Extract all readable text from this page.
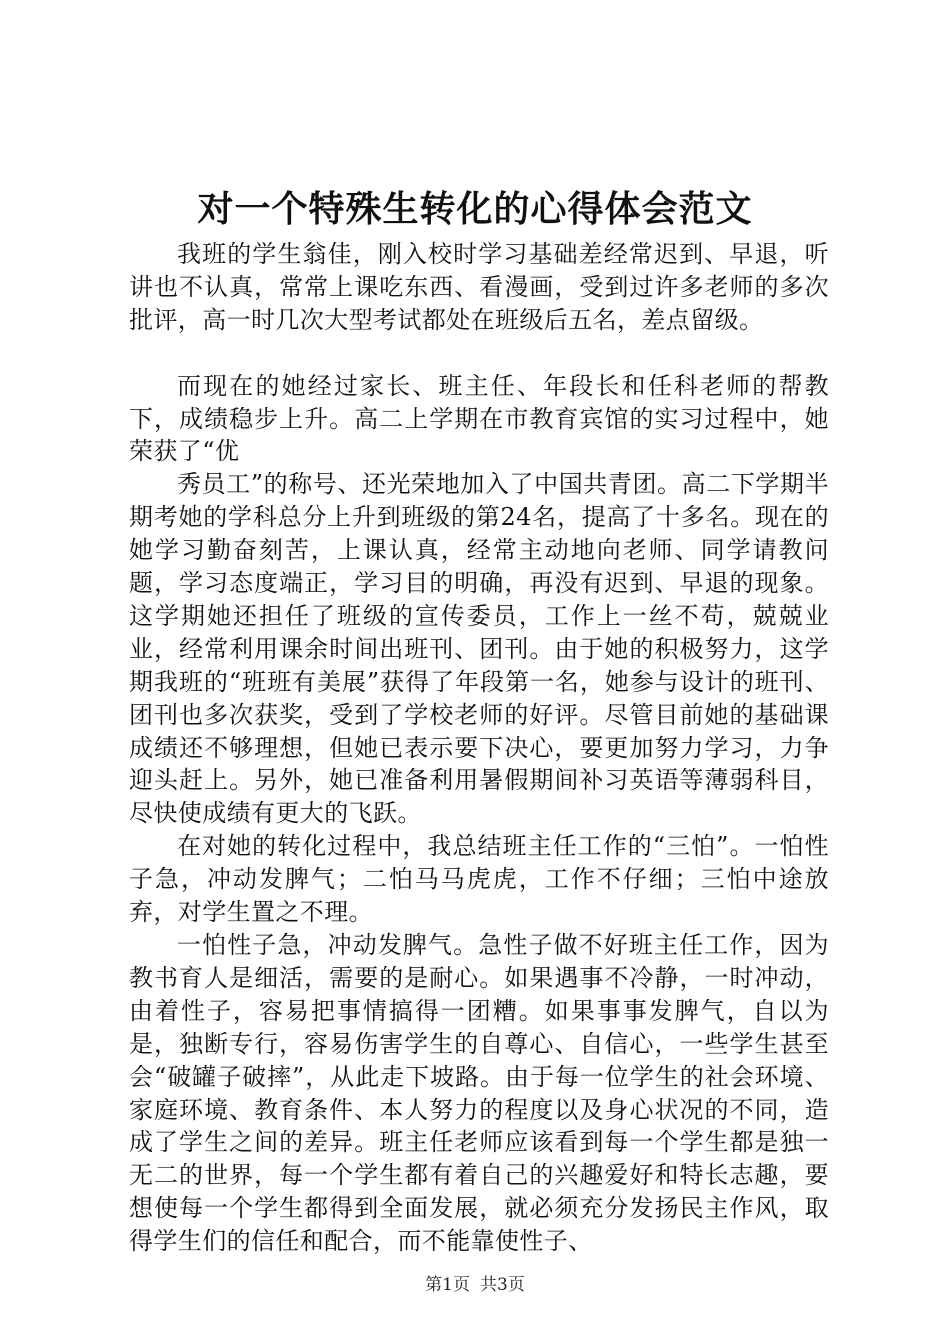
对一个特殊生转化的心得体会范文

我班的学生翁佳，刚入校时学习基础差经常迟到、早退，听讲也不认真，常常上课吃东西、看漫画，受到过许多老师的多次批评，高一时几次大型考试都处在班级后五名，差点留级。

而现在的她经过家长、班主任、年段长和任科老师的帮教下，成绩稳步上升。高二上学期在市教育宾馆的实习过程中，她荣获了“优

秀员工”的称号、还光荣地加入了中国共青团。高二下学期半期考她的学科总分上升到班级的第24名，提高了十多名。现在的她学习勤奋刻苦，上课认真，经常主动地向老师、同学请教问题，学习态度端正，学习目的明确，再没有迟到、早退的现象。这学期她还担任了班级的宣传委员，工作上一丝不苟，兢兢业业，经常利用课余时间出班刊、团刊。由于她的积极努力，这学期我班的“班班有美展”获得了年段第一名，她参与设计的班刊、团刊也多次获奖，受到了学校老师的好评。尽管目前她的基础课成绩还不够理想，但她已表示要下决心，要更加努力学习，力争迎头赶上。另外，她已准备利用暑假期间补习英语等薄弱科目，尽快使成绩有更大的飞跃。

在对她的转化过程中，我总结班主任工作的“三怕”。一怕性子急，冲动发脾气；二怕马马虎虎，工作不仔细；三怕中途放弃，对学生置之不理。

一怕性子急，冲动发脾气。急性子做不好班主任工作，因为教书育人是细活，需要的是耐心。如果遇事不冷静，一时冲动，由着性子，容易把事情搞得一团糟。如果事事发脾气，自以为是，独断专行，容易伤害学生的自尊心、自信心，一些学生甚至会“破罐子破摔”，从此走下坡路。由于每一位学生的社会环境、家庭环境、教育条件、本人努力的程度以及身心状况的不同，造成了学生之间的差异。班主任老师应该看到每一个学生都是独一无二的世界，每一个学生都有着自己的兴趣爱好和特长志趣，要想使每一个学生都得到全面发展，就必须充分发扬民主作风，取得学生们的信任和配合，而不能靠使性子、

第1页 共3页
